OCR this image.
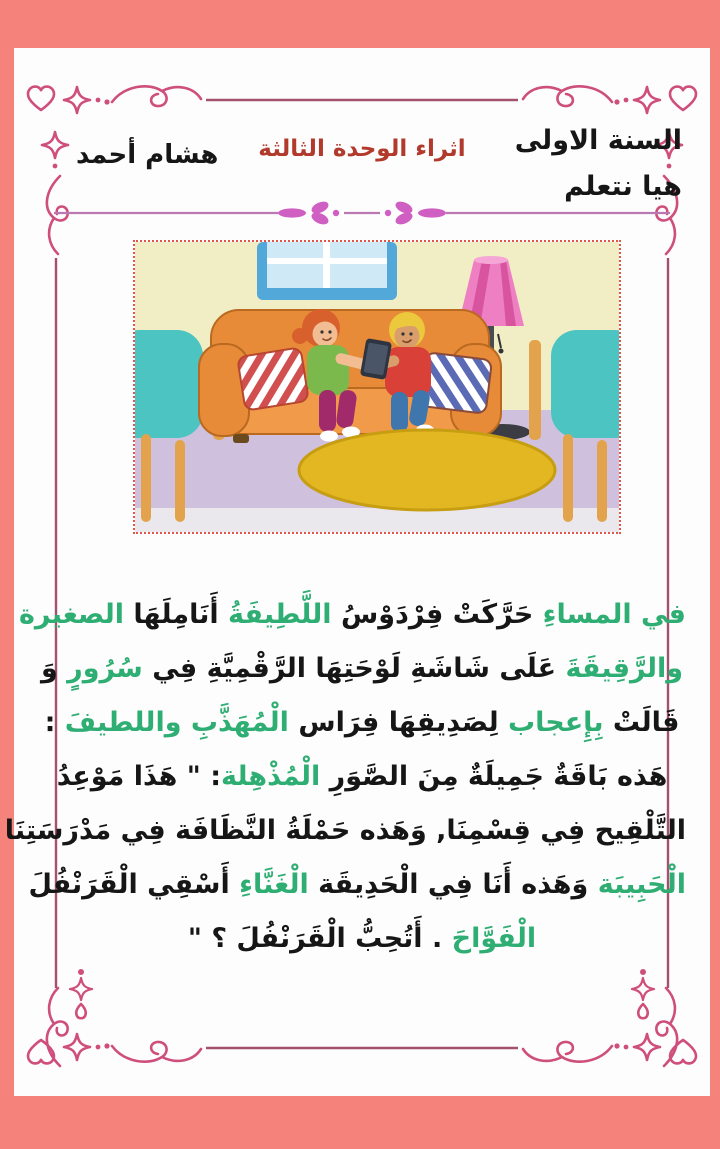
السنة الاولى
هيا نتعلم
اثراء الوحدة الثالثة
هشام أحمد
في المساءِ حَرَّكَتْ فِرْدَوْسُ اللَّطِيفَةُ أَنَامِلَهَا الصغيرة
والرَّقِيقَةَ عَلَى شَاشَةِ لَوْحَتِهَا الرَّقْمِيَّةِ فِي سُرُورٍ وَ
قَالَتْ بِإِعجاب لِصَدِيقِهَا فِرَاس الْمُهَذَّبِ واللطيفَ :
هَذه بَاقَةٌ جَمِيلَةٌ مِنَ الصَّوَرِ الْمُذْهِلة: " هَذَا مَوْعِدُ
التَّلْقِيح فِي قِسْمِنَا, وَهَذه حَمْلَةُ النَّظَافَة فِي مَدْرَسَتِنَا
الْحَبِيبَة وَهَذه أَنَا فِي الْحَدِيقَة الْغَنَّاءِ أَسْقِي الْقَرَنْفُلَ
الْفَوَّاحَ . أَتُحِبُّ الْقَرَنْفُلَ ؟ "
